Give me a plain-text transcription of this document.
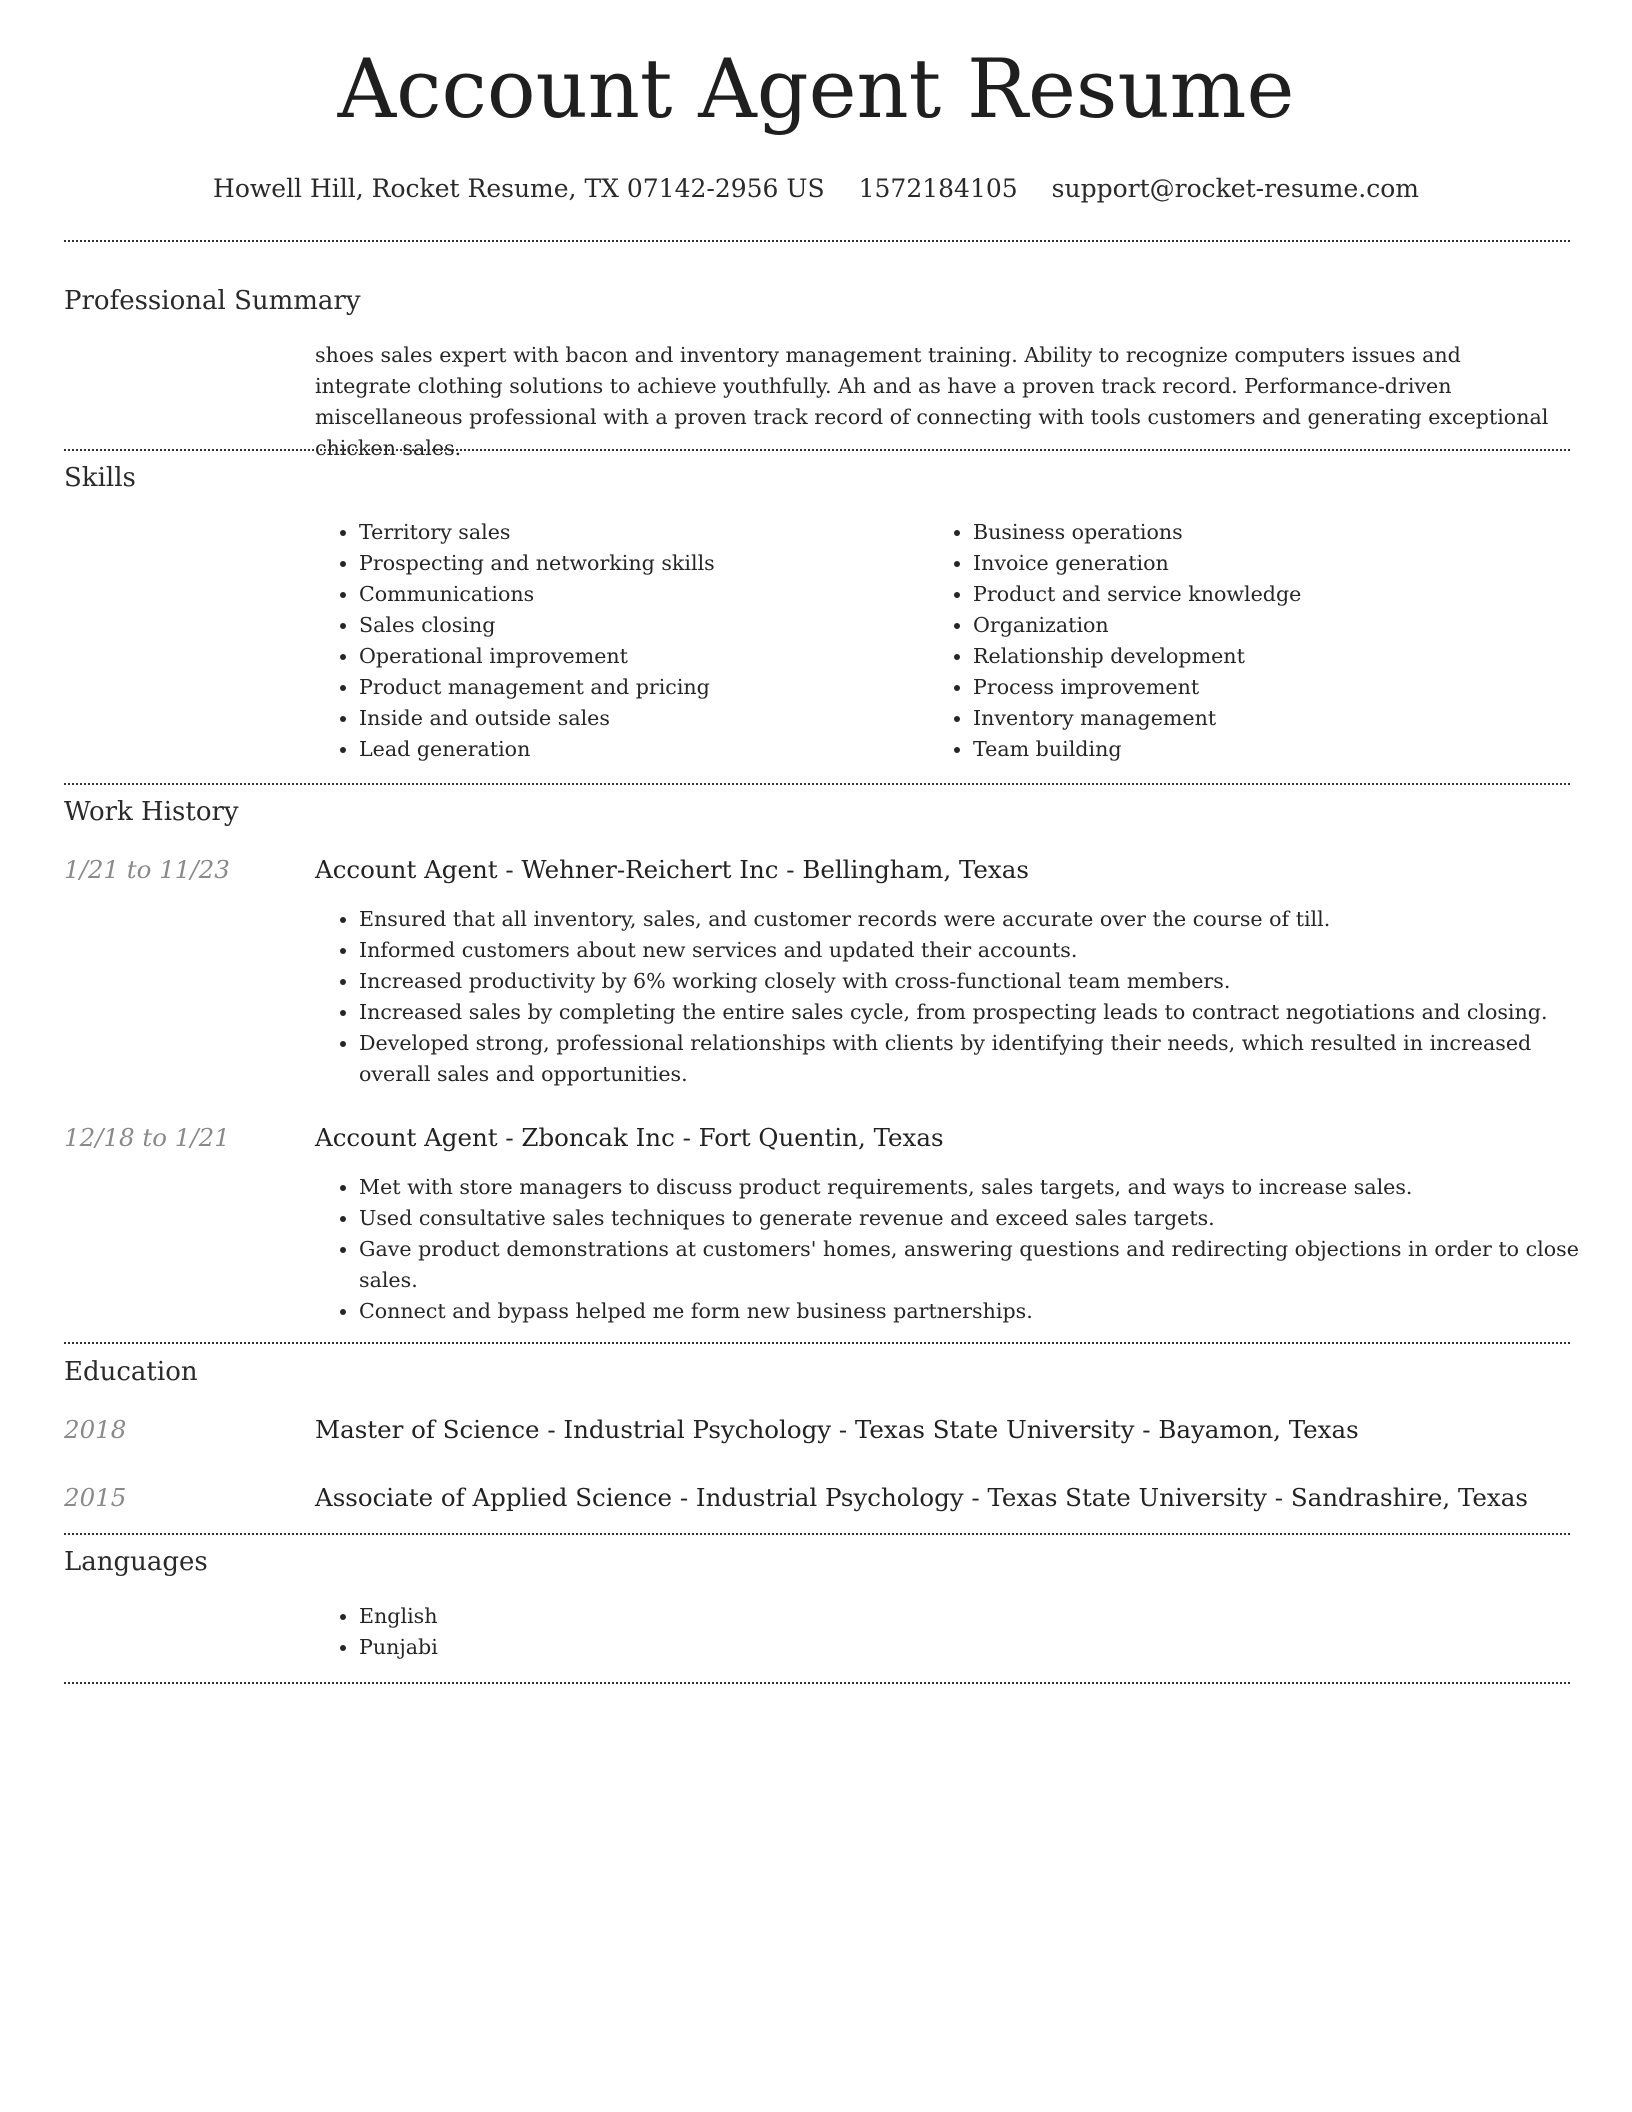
Account Agent Resume
Howell Hill, Rocket Resume, TX 07142-2956 US 1572184105 support@rocket-resume.com
Professional Summary

shoes sales expert with bacon and inventory management training. Ability to recognize computers issues and integrate clothing solutions to achieve youthfully. Ah and as have a proven track record. Performance-driven miscellaneous professional with a proven track record of connecting with tools customers and generating exceptional chicken sales.

Skills
• Territory sales
• Prospecting and networking skills
• Communications
• Sales closing
• Operational improvement
• Product management and pricing
• Inside and outside sales
• Lead generation
• Business operations
• Invoice generation
• Product and service knowledge
• Organization
• Relationship development
• Process improvement
• Inventory management
• Team building
Work History
1/21 to 11/23	Account Agent - Wehner-Reichert Inc - Bellingham, Texas
• Ensured that all inventory, sales, and customer records were accurate over the course of till.
• Informed customers about new services and updated their accounts.
• Increased productivity by 6% working closely with cross-functional team members.
• Increased sales by completing the entire sales cycle, from prospecting leads to contract negotiations and closing.
• Developed strong, professional relationships with clients by identifying their needs, which resulted in increased overall sales and opportunities.
12/18 to 1/21	Account Agent - Zboncak Inc - Fort Quentin, Texas
• Met with store managers to discuss product requirements, sales targets, and ways to increase sales.
• Used consultative sales techniques to generate revenue and exceed sales targets.
• Gave product demonstrations at customers' homes, answering questions and redirecting objections in order to close sales.
• Connect and bypass helped me form new business partnerships.
Education
2018	Master of Science - Industrial Psychology - Texas State University - Bayamon, Texas
2015	Associate of Applied Science - Industrial Psychology - Texas State University - Sandrashire, Texas
Languages
• English
• Punjabi
